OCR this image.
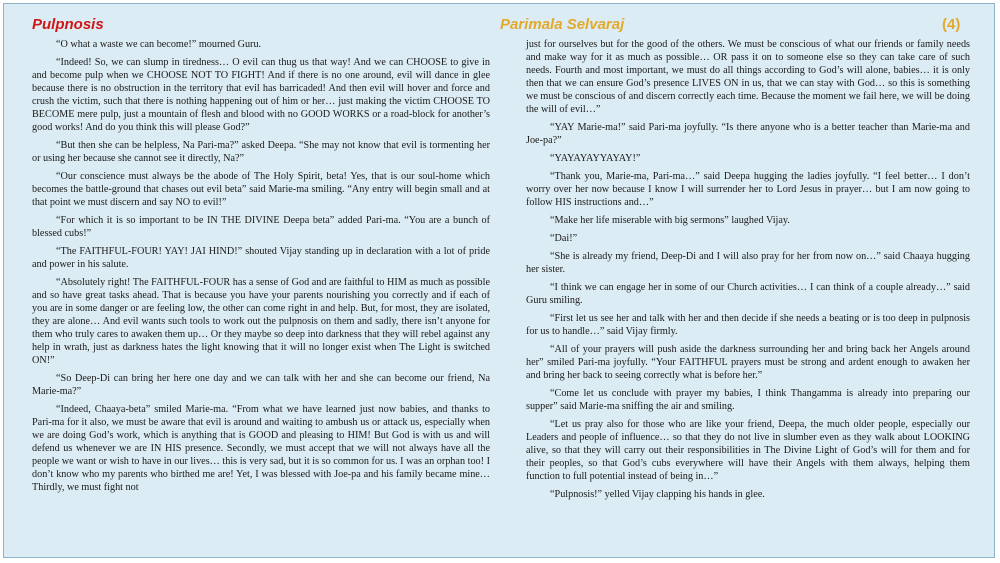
Pulpnosis	Parimala Selvaraj	(4)

“O what a waste we can become!” mourned Guru.

“Indeed! So, we can slump in tiredness… O evil can thug us that way! And we can CHOOSE to give in and become pulp when we CHOOSE NOT TO FIGHT! And if there is no one around, evil will dance in glee because there is no obstruction in the territory that evil has barricaded! And then evil will hover and force and crush the victim, such that there is nothing happening out of him or her… just making the victim CHOOSE TO BECOME mere pulp, just a mountain of flesh and blood with no GOOD WORKS or a road-block for another’s good works! And do you think this will please God?”

“But then she can be helpless, Na Pari-ma?” asked Deepa. “She may not know that evil is tormenting her or using her because she cannot see it directly, Na?”

“Our conscience must always be the abode of The Holy Spirit, beta! Yes, that is our soul-home which becomes the battle-ground that chases out evil beta” said Marie-ma smiling. “Any entry will begin small and at that point we must discern and say NO to evil!”

“For which it is so important to be IN THE DIVINE Deepa beta” added Pari-ma. “You are a bunch of blessed cubs!”

“The FAITHFUL-FOUR! YAY! JAI HIND!” shouted Vijay standing up in declaration with a lot of pride and power in his salute.

“Absolutely right! The FAITHFUL-FOUR has a sense of God and are faithful to HIM as much as possible and so have great tasks ahead. That is because you have your parents nourishing you correctly and if each of you are in some danger or are feeling low, the other can come right in and help. But, for most, they are isolated, they are alone… And evil wants such tools to work out the pulpnosis on them and sadly, there isn’t anyone for them who truly cares to awaken them up… Or they maybe so deep into darkness that they will rebel against any help in wrath, just as darkness hates the light knowing that it will no longer exist when The Light is switched ON!”

“So Deep-Di can bring her here one day and we can talk with her and she can become our friend, Na Marie-ma?”

“Indeed, Chaaya-beta” smiled Marie-ma. “From what we have learned just now babies, and thanks to Pari-ma for it also, we must be aware that evil is around and waiting to ambush us or attack us, especially when we are doing God’s work, which is anything that is GOOD and pleasing to HIM! But God is with us and will defend us whenever we are IN HIS presence. Secondly, we must accept that we will not always have all the people we want or wish to have in our lives… this is very sad, but it is so common for us. I was an orphan too! I don’t know who my parents who birthed me are! Yet, I was blessed with Joe-pa and his family became mine… Thirdly, we must fight not

just for ourselves but for the good of the others. We must be conscious of what our friends or family needs and make way for it as much as possible… OR pass it on to someone else so they can take care of such needs. Fourth and most important, we must do all things according to God’s will alone, babies… it is only then that we can ensure God’s presence LIVES ON in us, that we can stay with God… so this is something we must be conscious of and discern correctly each time. Because the moment we fail here, we will be doing the will of evil…”

“YAY Marie-ma!” said Pari-ma joyfully. “Is there anyone who is a better teacher than Marie-ma and Joe-pa?”

“YAYAYAYYAYAY!”

“Thank you, Marie-ma, Pari-ma…” said Deepa hugging the ladies joyfully. “I feel better… I don’t worry over her now because I know I will surrender her to Lord Jesus in prayer… but I am now going to follow HIS instructions and…”

“Make her life miserable with big sermons” laughed Vijay.

“Dai!”

“She is already my friend, Deep-Di and I will also pray for her from now on…” said Chaaya hugging her sister.

“I think we can engage her in some of our Church activities… I can think of a couple already…” said Guru smiling.

“First let us see her and talk with her and then decide if she needs a beating or is too deep in pulpnosis for us to handle…” said Vijay firmly.

“All of your prayers will push aside the darkness surrounding her and bring back her Angels around her” smiled Pari-ma joyfully. “Your FAITHFUL prayers must be strong and ardent enough to awaken her and bring her back to seeing correctly what is before her.”

“Come let us conclude with prayer my babies, I think Thangamma is already into preparing our supper” said Marie-ma sniffing the air and smiling.

“Let us pray also for those who are like your friend, Deepa, the much older people, especially our Leaders and people of influence… so that they do not live in slumber even as they walk about LOOKING alive, so that they will carry out their responsibilities in The Divine Light of God’s will for them and for their peoples, so that God’s cubs everywhere will have their Angels with them always, helping them function to full potential instead of being in…”

“Pulpnosis!” yelled Vijay clapping his hands in glee.
